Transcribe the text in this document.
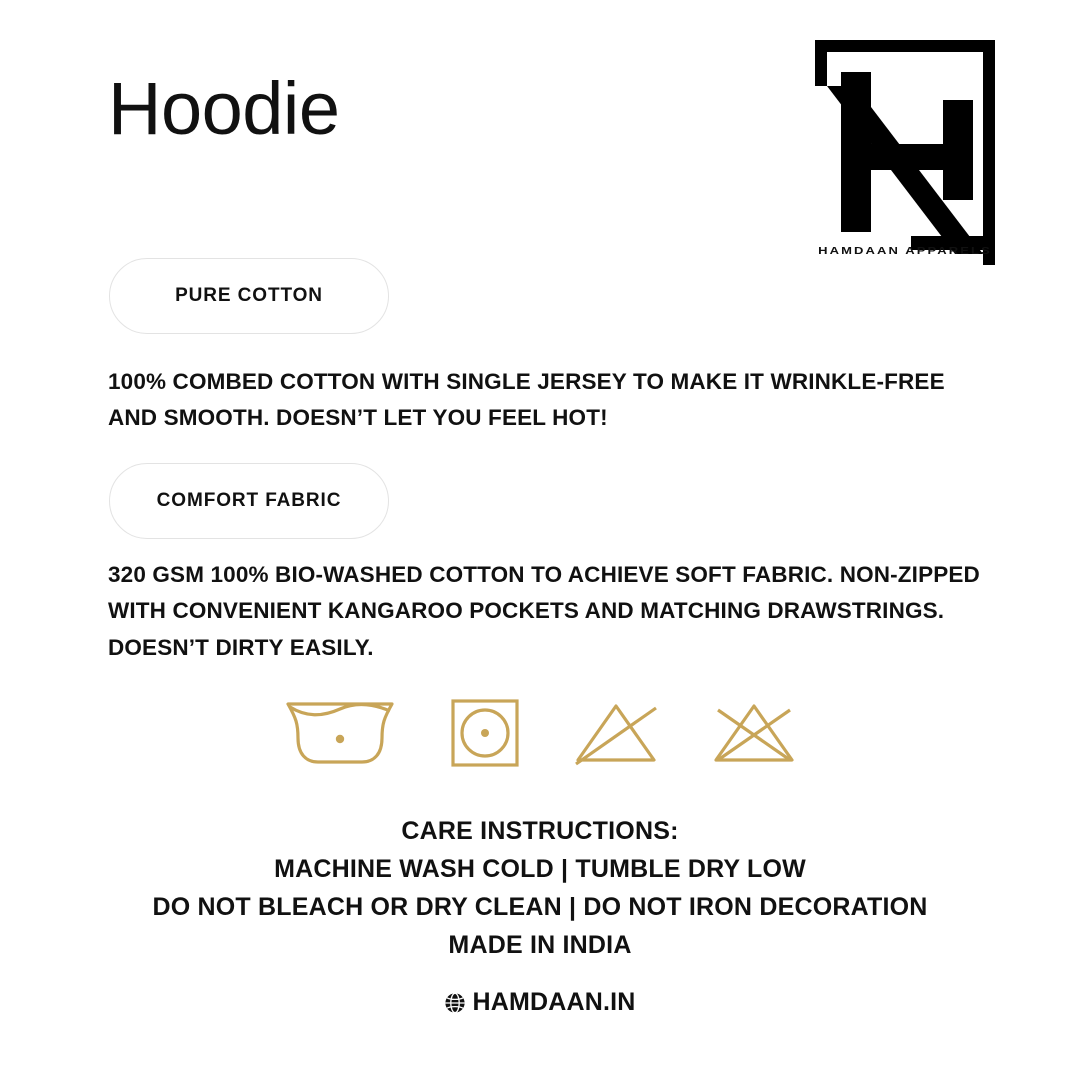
Hoodie
HAMDAAN APPARELS
PURE COTTON
100% COMBED COTTON WITH SINGLE JERSEY TO MAKE IT WRINKLE-FREE AND SMOOTH. DOESN’T LET YOU FEEL HOT!
COMFORT FABRIC
320 GSM 100% BIO-WASHED COTTON TO ACHIEVE SOFT FABRIC. NON-ZIPPED WITH CONVENIENT KANGAROO POCKETS AND MATCHING DRAWSTRINGS. DOESN’T DIRTY EASILY.
CARE INSTRUCTIONS:
MACHINE WASH COLD | TUMBLE DRY LOW
DO NOT BLEACH OR DRY CLEAN | DO NOT IRON DECORATION
MADE IN INDIA
HAMDAAN.IN
